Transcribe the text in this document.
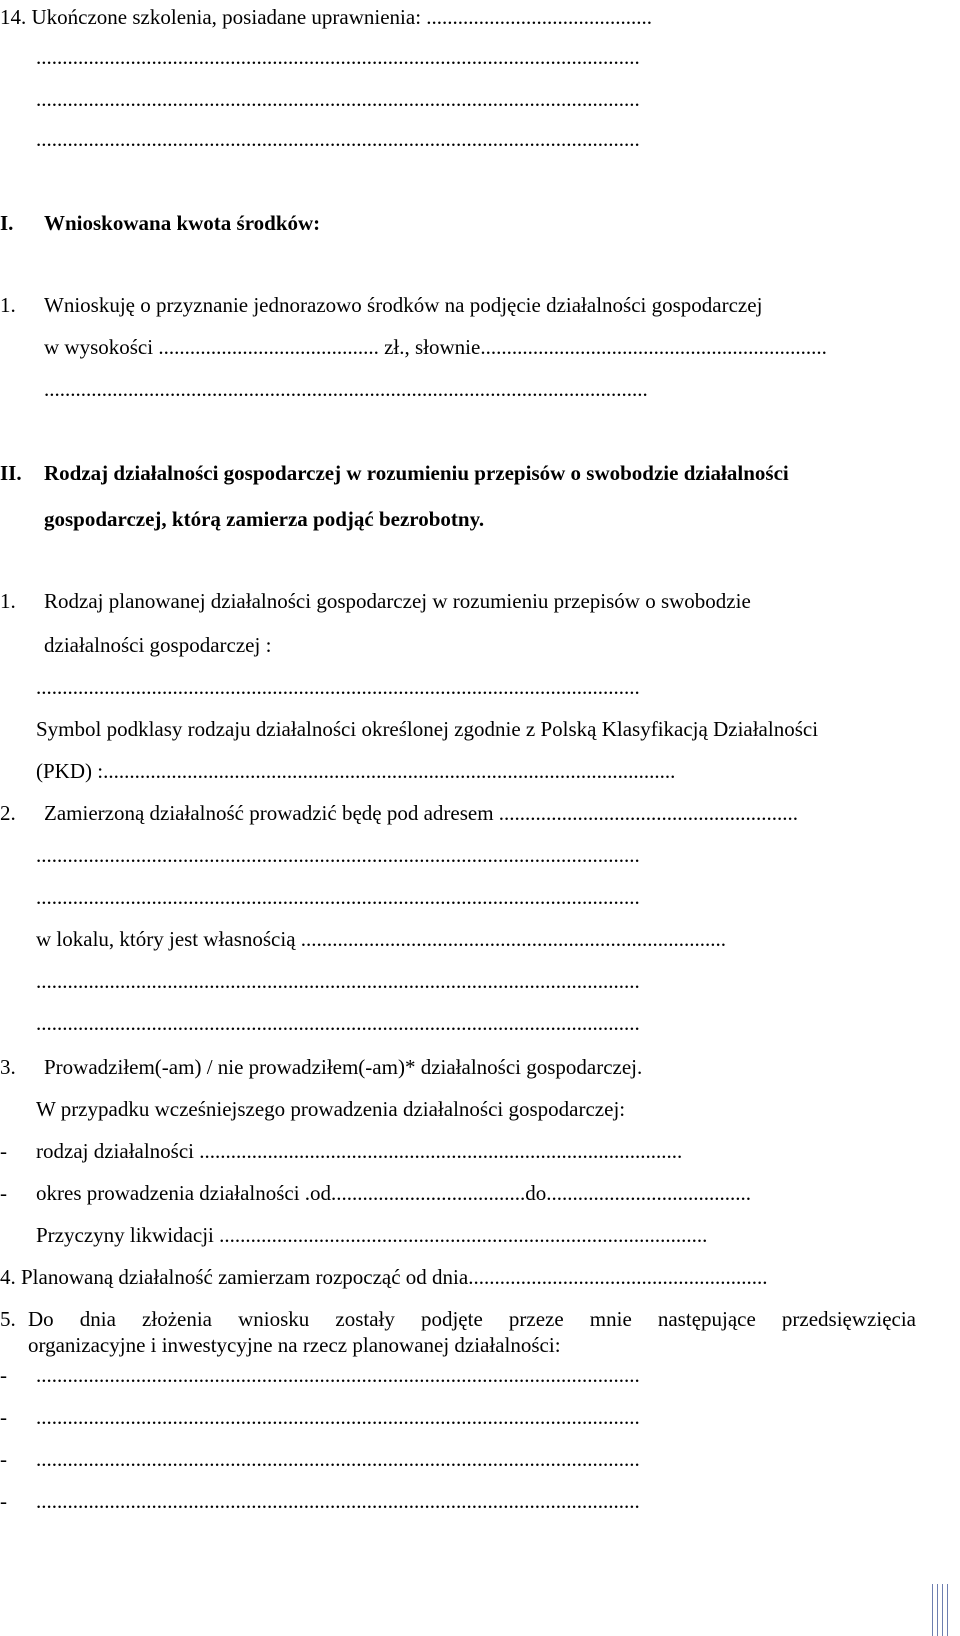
14. Ukończone szkolenia, posiadane uprawnienia: ...........................................
...................................................................................................................
...................................................................................................................
...................................................................................................................
I. Wnioskowana kwota środków:
1. Wnioskuję o przyznanie jednorazowo środków na podjęcie działalności gospodarczej
w wysokości .......................................... zł., słownie..................................................................
...................................................................................................................
II. Rodzaj działalności gospodarczej w rozumieniu przepisów o swobodzie działalności
gospodarczej, którą zamierza podjąć bezrobotny.
1. Rodzaj planowanej działalności gospodarczej w rozumieniu przepisów o swobodzie
działalności gospodarczej :
...................................................................................................................
Symbol podklasy rodzaju działalności określonej zgodnie z Polską Klasyfikacją Działalności
(PKD) :.............................................................................................................
2. Zamierzoną działalność prowadzić będę pod adresem .........................................................
...................................................................................................................
...................................................................................................................
w lokalu, który jest własnością .................................................................................
...................................................................................................................
...................................................................................................................
3. Prowadziłem(-am) / nie prowadziłem(-am)* działalności gospodarczej.
W przypadku wcześniejszego prowadzenia działalności gospodarczej:
- rodzaj działalności ............................................................................................
- okres prowadzenia działalności .od.....................................do.......................................
Przyczyny likwidacji .............................................................................................
4. Planowaną działalność zamierzam rozpocząć od dnia.........................................................
5. Do dnia złożenia wniosku zostały podjęte przeze mnie następujące przedsięwzięcia
organizacyjne i inwestycyjne na rzecz planowanej działalności:
- ...................................................................................................................
- ...................................................................................................................
- ...................................................................................................................
- ...................................................................................................................
